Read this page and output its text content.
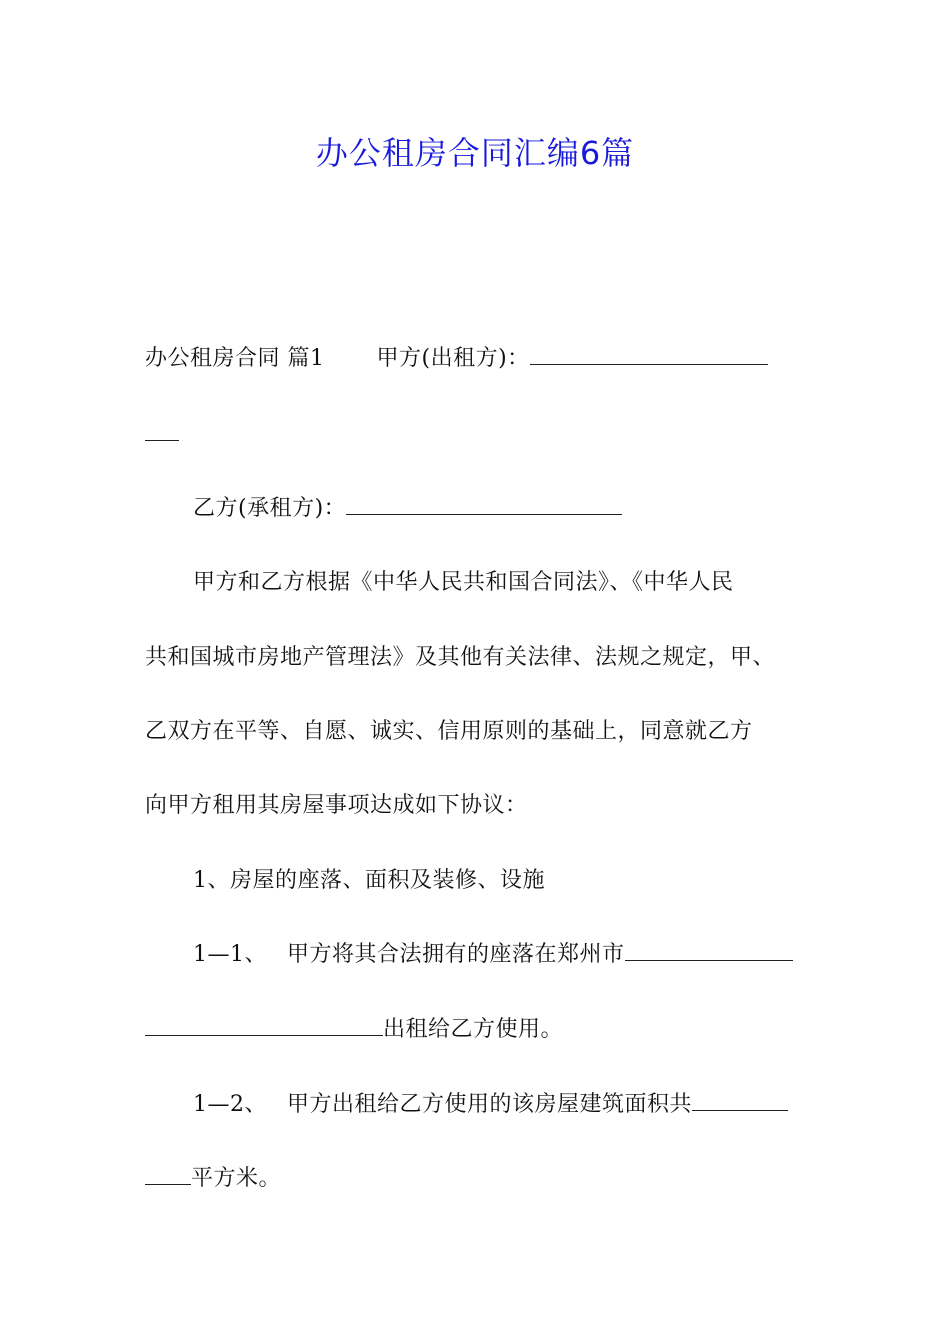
办公租房合同汇编6篇
办公租房合同 篇1 甲方(出租方)：
乙方(承租方)：
甲方和乙方根据《中华人民共和国合同法》、《中华人民
共和国城市房地产管理法》及其他有关法律、法规之规定，甲、
乙双方在平等、自愿、诚实、信用原则的基础上，同意就乙方
向甲方租用其房屋事项达成如下协议：
1、房屋的座落、面积及装修、设施
1—1、 甲方将其合法拥有的座落在郑州市
出租给乙方使用。
1—2、 甲方出租给乙方使用的该房屋建筑面积共
平方米。
